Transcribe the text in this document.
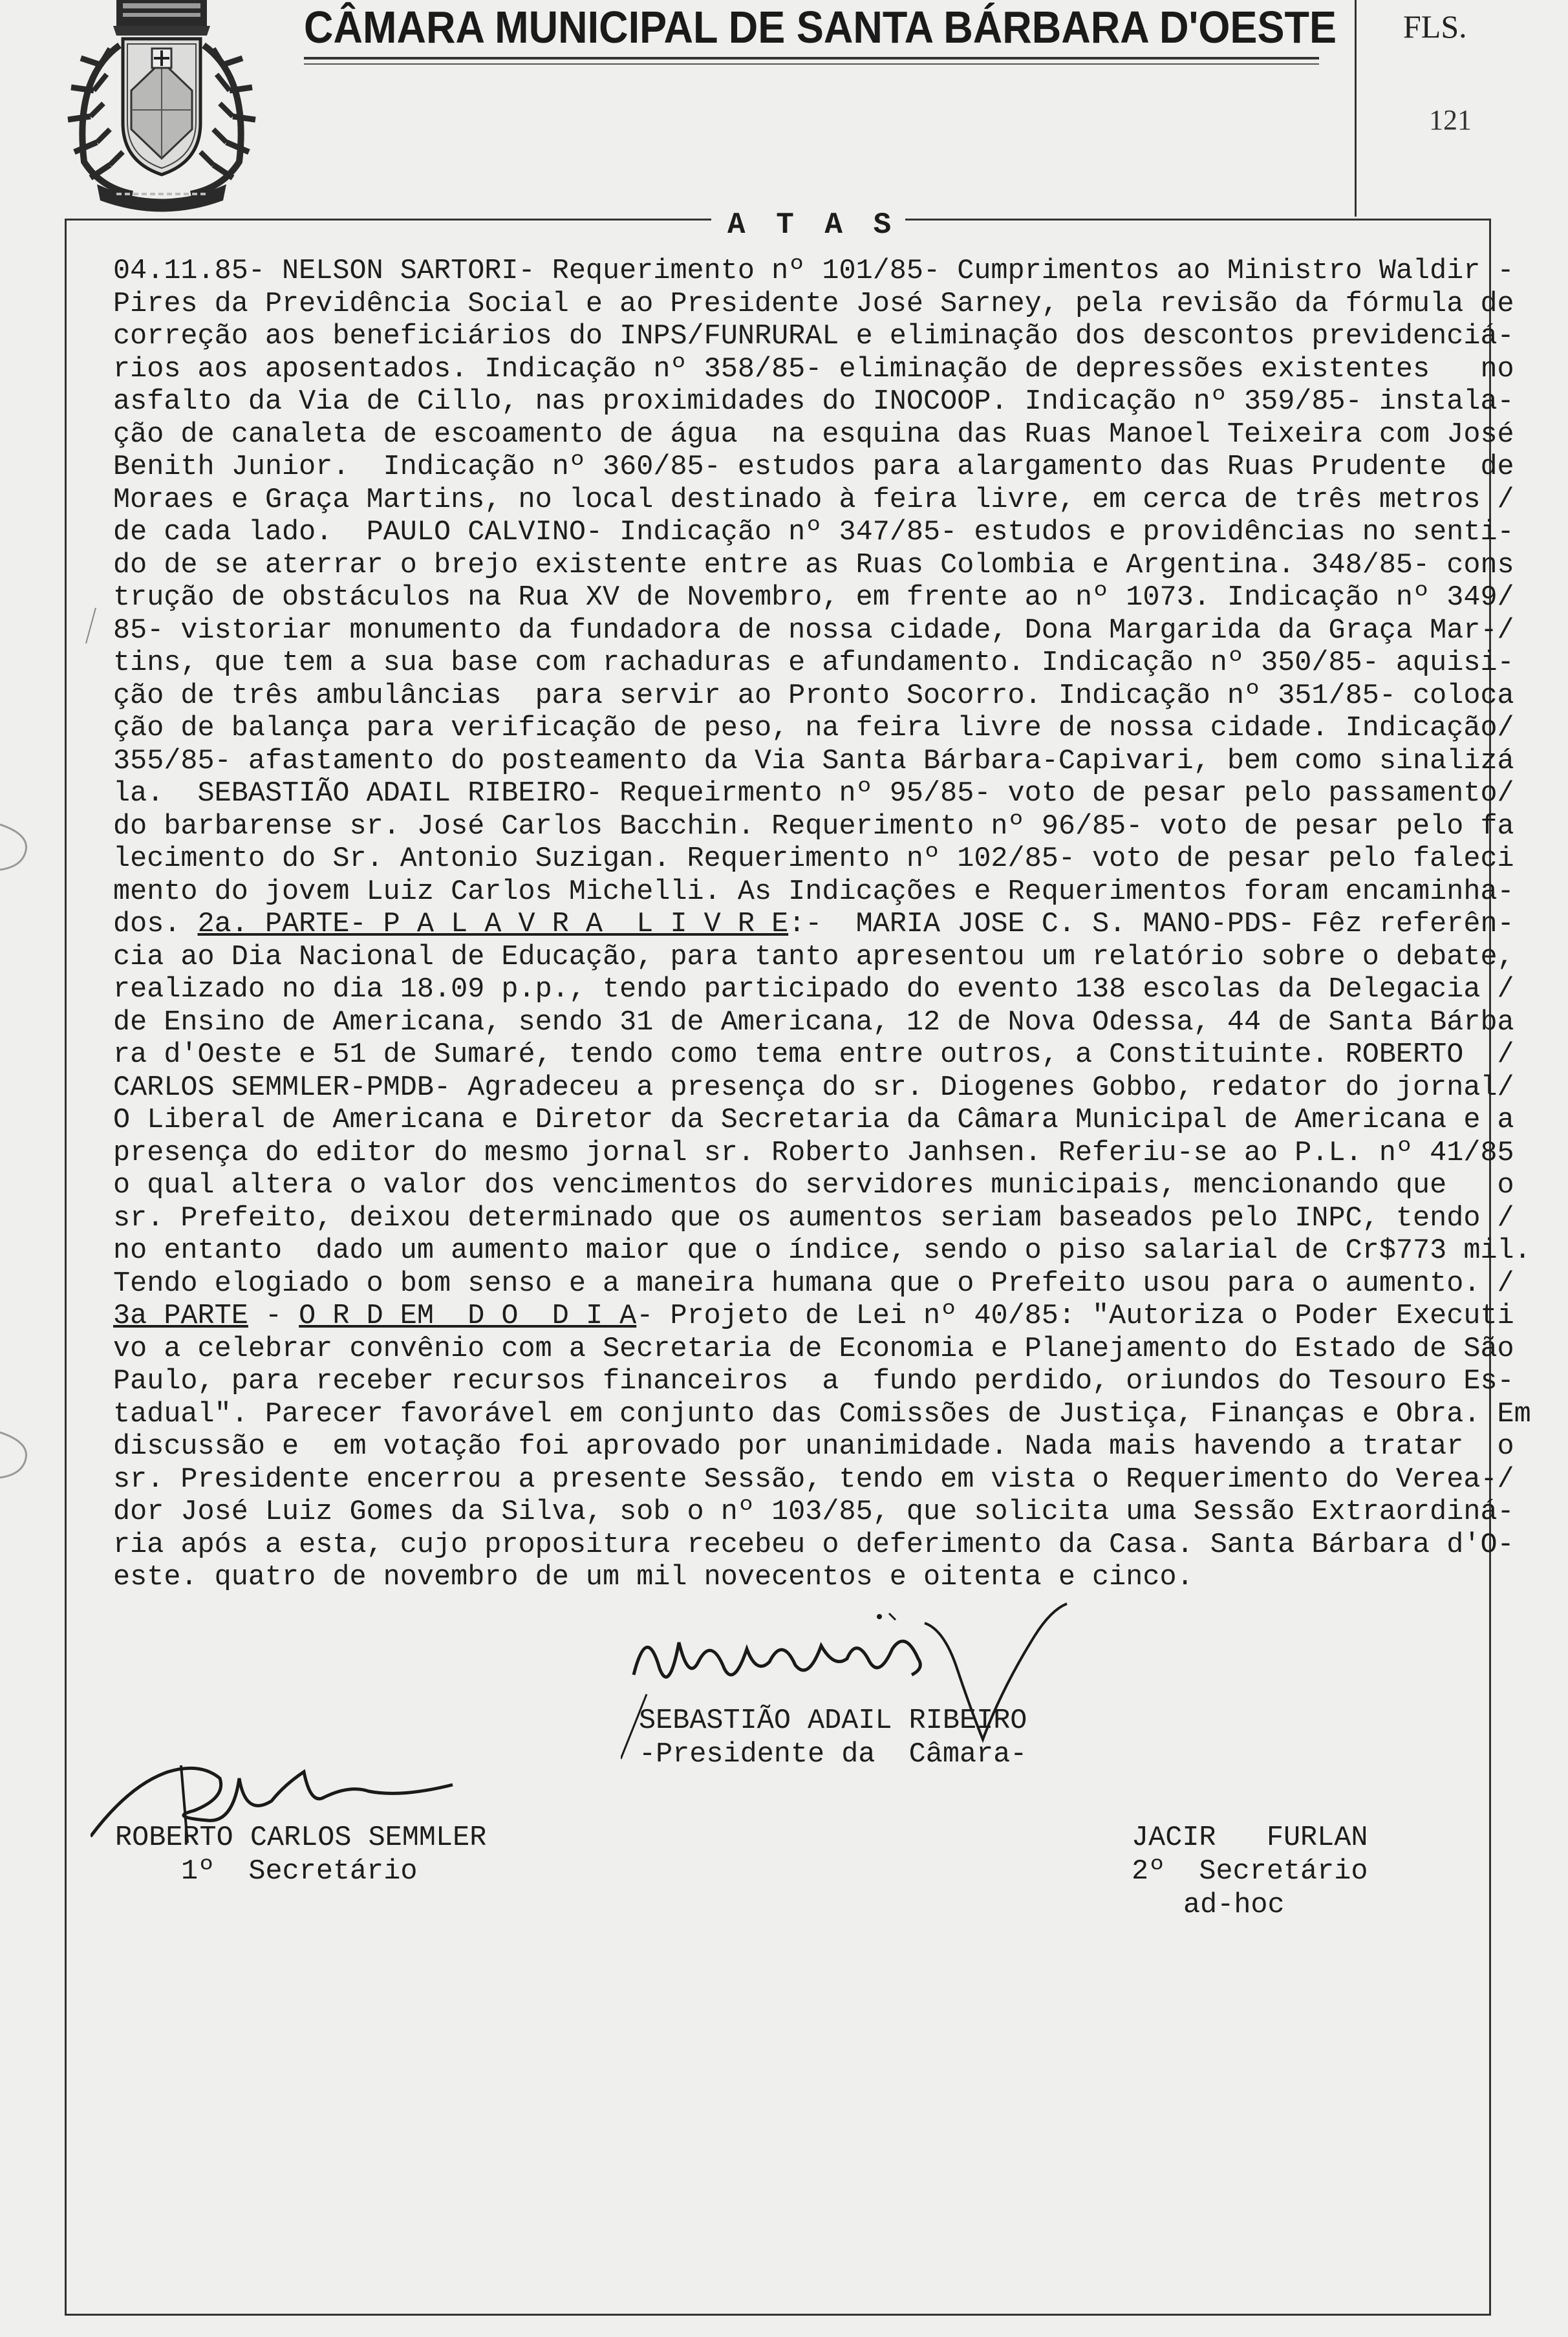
CÂMARA MUNICIPAL DE SANTA BÁRBARA D'OESTE FLS.
121
A T A S
04.11.85- NELSON SARTORI- Requerimento nº 101/85- Cumprimentos ao Ministro Waldir -
Pires da Previdência Social e ao Presidente José Sarney, pela revisão da fórmula de
correção aos beneficiários do INPS/FUNRURAL e eliminação dos descontos previdenciá-
rios aos aposentados. Indicação nº 358/85- eliminação de depressões existentes   no
asfalto da Via de Cillo, nas proximidades do INOCOOP. Indicação nº 359/85- instala-
ção de canaleta de escoamento de água  na esquina das Ruas Manoel Teixeira com José
Benith Junior.  Indicação nº 360/85- estudos para alargamento das Ruas Prudente  de
Moraes e Graça Martins, no local destinado à feira livre, em cerca de três metros /
de cada lado.  PAULO CALVINO- Indicação nº 347/85- estudos e providências no senti-
do de se aterrar o brejo existente entre as Ruas Colombia e Argentina. 348/85- cons
trução de obstáculos na Rua XV de Novembro, em frente ao nº 1073. Indicação nº 349/
85- vistoriar monumento da fundadora de nossa cidade, Dona Margarida da Graça Mar-/
tins, que tem a sua base com rachaduras e afundamento. Indicação nº 350/85- aquisi-
ção de três ambulâncias  para servir ao Pronto Socorro. Indicação nº 351/85- coloca
ção de balança para verificação de peso, na feira livre de nossa cidade. Indicação/
355/85- afastamento do posteamento da Via Santa Bárbara-Capivari, bem como sinalizá
la.  SEBASTIÃO ADAIL RIBEIRO- Requeirmento nº 95/85- voto de pesar pelo passamento/
do barbarense sr. José Carlos Bacchin. Requerimento nº 96/85- voto de pesar pelo fa
lecimento do Sr. Antonio Suzigan. Requerimento nº 102/85- voto de pesar pelo faleci
mento do jovem Luiz Carlos Michelli. As Indicações e Requerimentos foram encaminha-
dos. 2a. PARTE- P A L A V R A  L I V R E:-  MARIA JOSE C. S. MANO-PDS- Fêz referên-
cia ao Dia Nacional de Educação, para tanto apresentou um relatório sobre o debate,
realizado no dia 18.09 p.p., tendo participado do evento 138 escolas da Delegacia /
de Ensino de Americana, sendo 31 de Americana, 12 de Nova Odessa, 44 de Santa Bárba
ra d'Oeste e 51 de Sumaré, tendo como tema entre outros, a Constituinte. ROBERTO  /
CARLOS SEMMLER-PMDB- Agradeceu a presença do sr. Diogenes Gobbo, redator do jornal/
O Liberal de Americana e Diretor da Secretaria da Câmara Municipal de Americana e a
presença do editor do mesmo jornal sr. Roberto Janhsen. Referiu-se ao P.L. nº 41/85
o qual altera o valor dos vencimentos do servidores municipais, mencionando que   o
sr. Prefeito, deixou determinado que os aumentos seriam baseados pelo INPC, tendo /
no entanto  dado um aumento maior que o índice, sendo o piso salarial de Cr$773 mil.
Tendo elogiado o bom senso e a maneira humana que o Prefeito usou para o aumento. /
3a PARTE - O R D EM  D O  D I A- Projeto de Lei nº 40/85: "Autoriza o Poder Executi
vo a celebrar convênio com a Secretaria de Economia e Planejamento do Estado de São
Paulo, para receber recursos financeiros  a  fundo perdido, oriundos do Tesouro Es-
tadual". Parecer favorável em conjunto das Comissões de Justiça, Finanças e Obra. Em
discussão e  em votação foi aprovado por unanimidade. Nada mais havendo a tratar  o
sr. Presidente encerrou a presente Sessão, tendo em vista o Requerimento do Verea-/
dor José Luiz Gomes da Silva, sob o nº 103/85, que solicita uma Sessão Extraordiná-
ria após a esta, cujo propositura recebeu o deferimento da Casa. Santa Bárbara d'O-
este. quatro de novembro de um mil novecentos e oitenta e cinco.
SEBASTIÃO ADAIL RIBEIRO
-Presidente da  Câmara-
ROBERTO CARLOS SEMMLER
1º  Secretário
JACIR   FURLAN
2º  Secretário
ad-hoc
